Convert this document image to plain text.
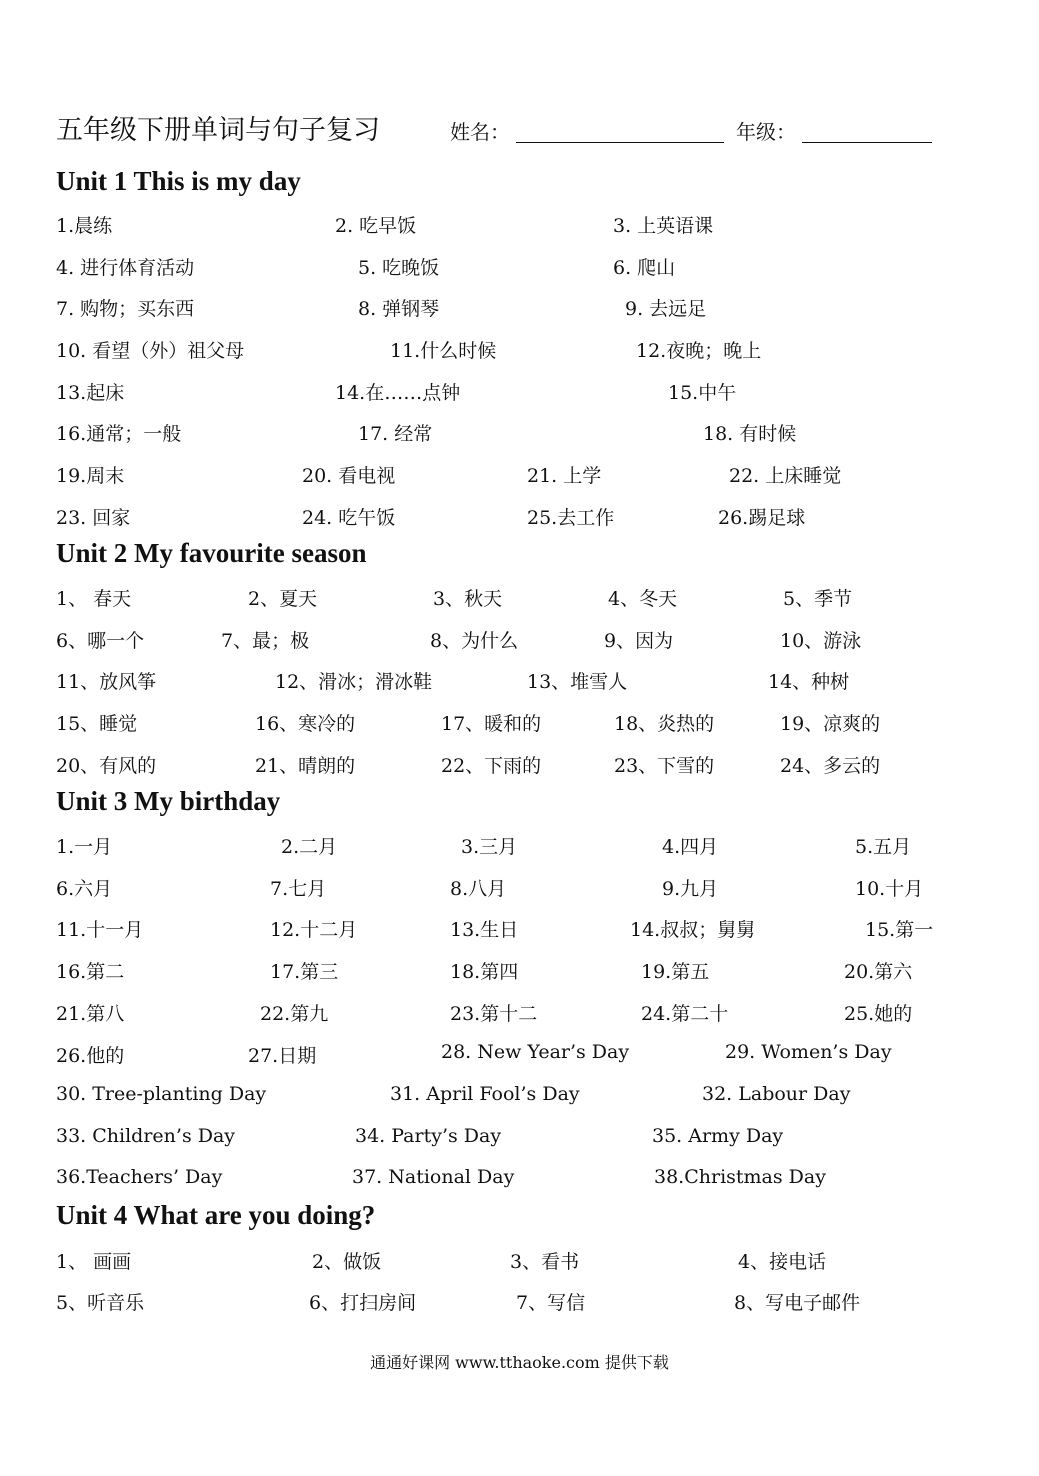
五年级下册单词与句子复习	姓名：	年级：
Unit 1 This is my day
1.晨练	2. 吃早饭	3. 上英语课
4. 进行体育活动	5. 吃晚饭	6. 爬山
7. 购物；买东西	8. 弹钢琴	9. 去远足
10. 看望（外）祖父母	11.什么时候	12.夜晚；晚上
13.起床	14.在……点钟	15.中午
16.通常；一般	17. 经常	18. 有时候
19.周末	20. 看电视	21. 上学	22. 上床睡觉
23. 回家	24. 吃午饭	25.去工作	26.踢足球
Unit 2 My favourite season
1、 春天	2、夏天	3、秋天	4、冬天	5、季节
6、哪一个	7、最；极	8、为什么	9、因为	10、游泳
11、放风筝	12、滑冰；滑冰鞋	13、堆雪人	14、种树
15、睡觉	16、寒冷的	17、暖和的	18、炎热的	19、凉爽的
20、有风的	21、晴朗的	22、下雨的	23、下雪的	24、多云的
Unit 3 My birthday
1.一月	2.二月	3.三月	4.四月	5.五月
6.六月	7.七月	8.八月	9.九月	10.十月
11.十一月	12.十二月	13.生日	14.叔叔；舅舅	15.第一
16.第二	17.第三	18.第四	19.第五	20.第六
21.第八	22.第九	23.第十二	24.第二十	25.她的
26.他的	27.日期	28. New Year’s Day	29. Women’s Day
30. Tree-planting Day	31. April Fool’s Day	32. Labour Day
33. Children’s Day	34. Party’s Day	35. Army Day
36.Teachers’ Day	37. National Day	38.Christmas Day
Unit 4 What are you doing?
1、 画画	2、做饭	3、看书	4、接电话
5、听音乐	6、打扫房间	7、写信	8、写电子邮件
通通好课网 www.tthaoke.com 提供下载
